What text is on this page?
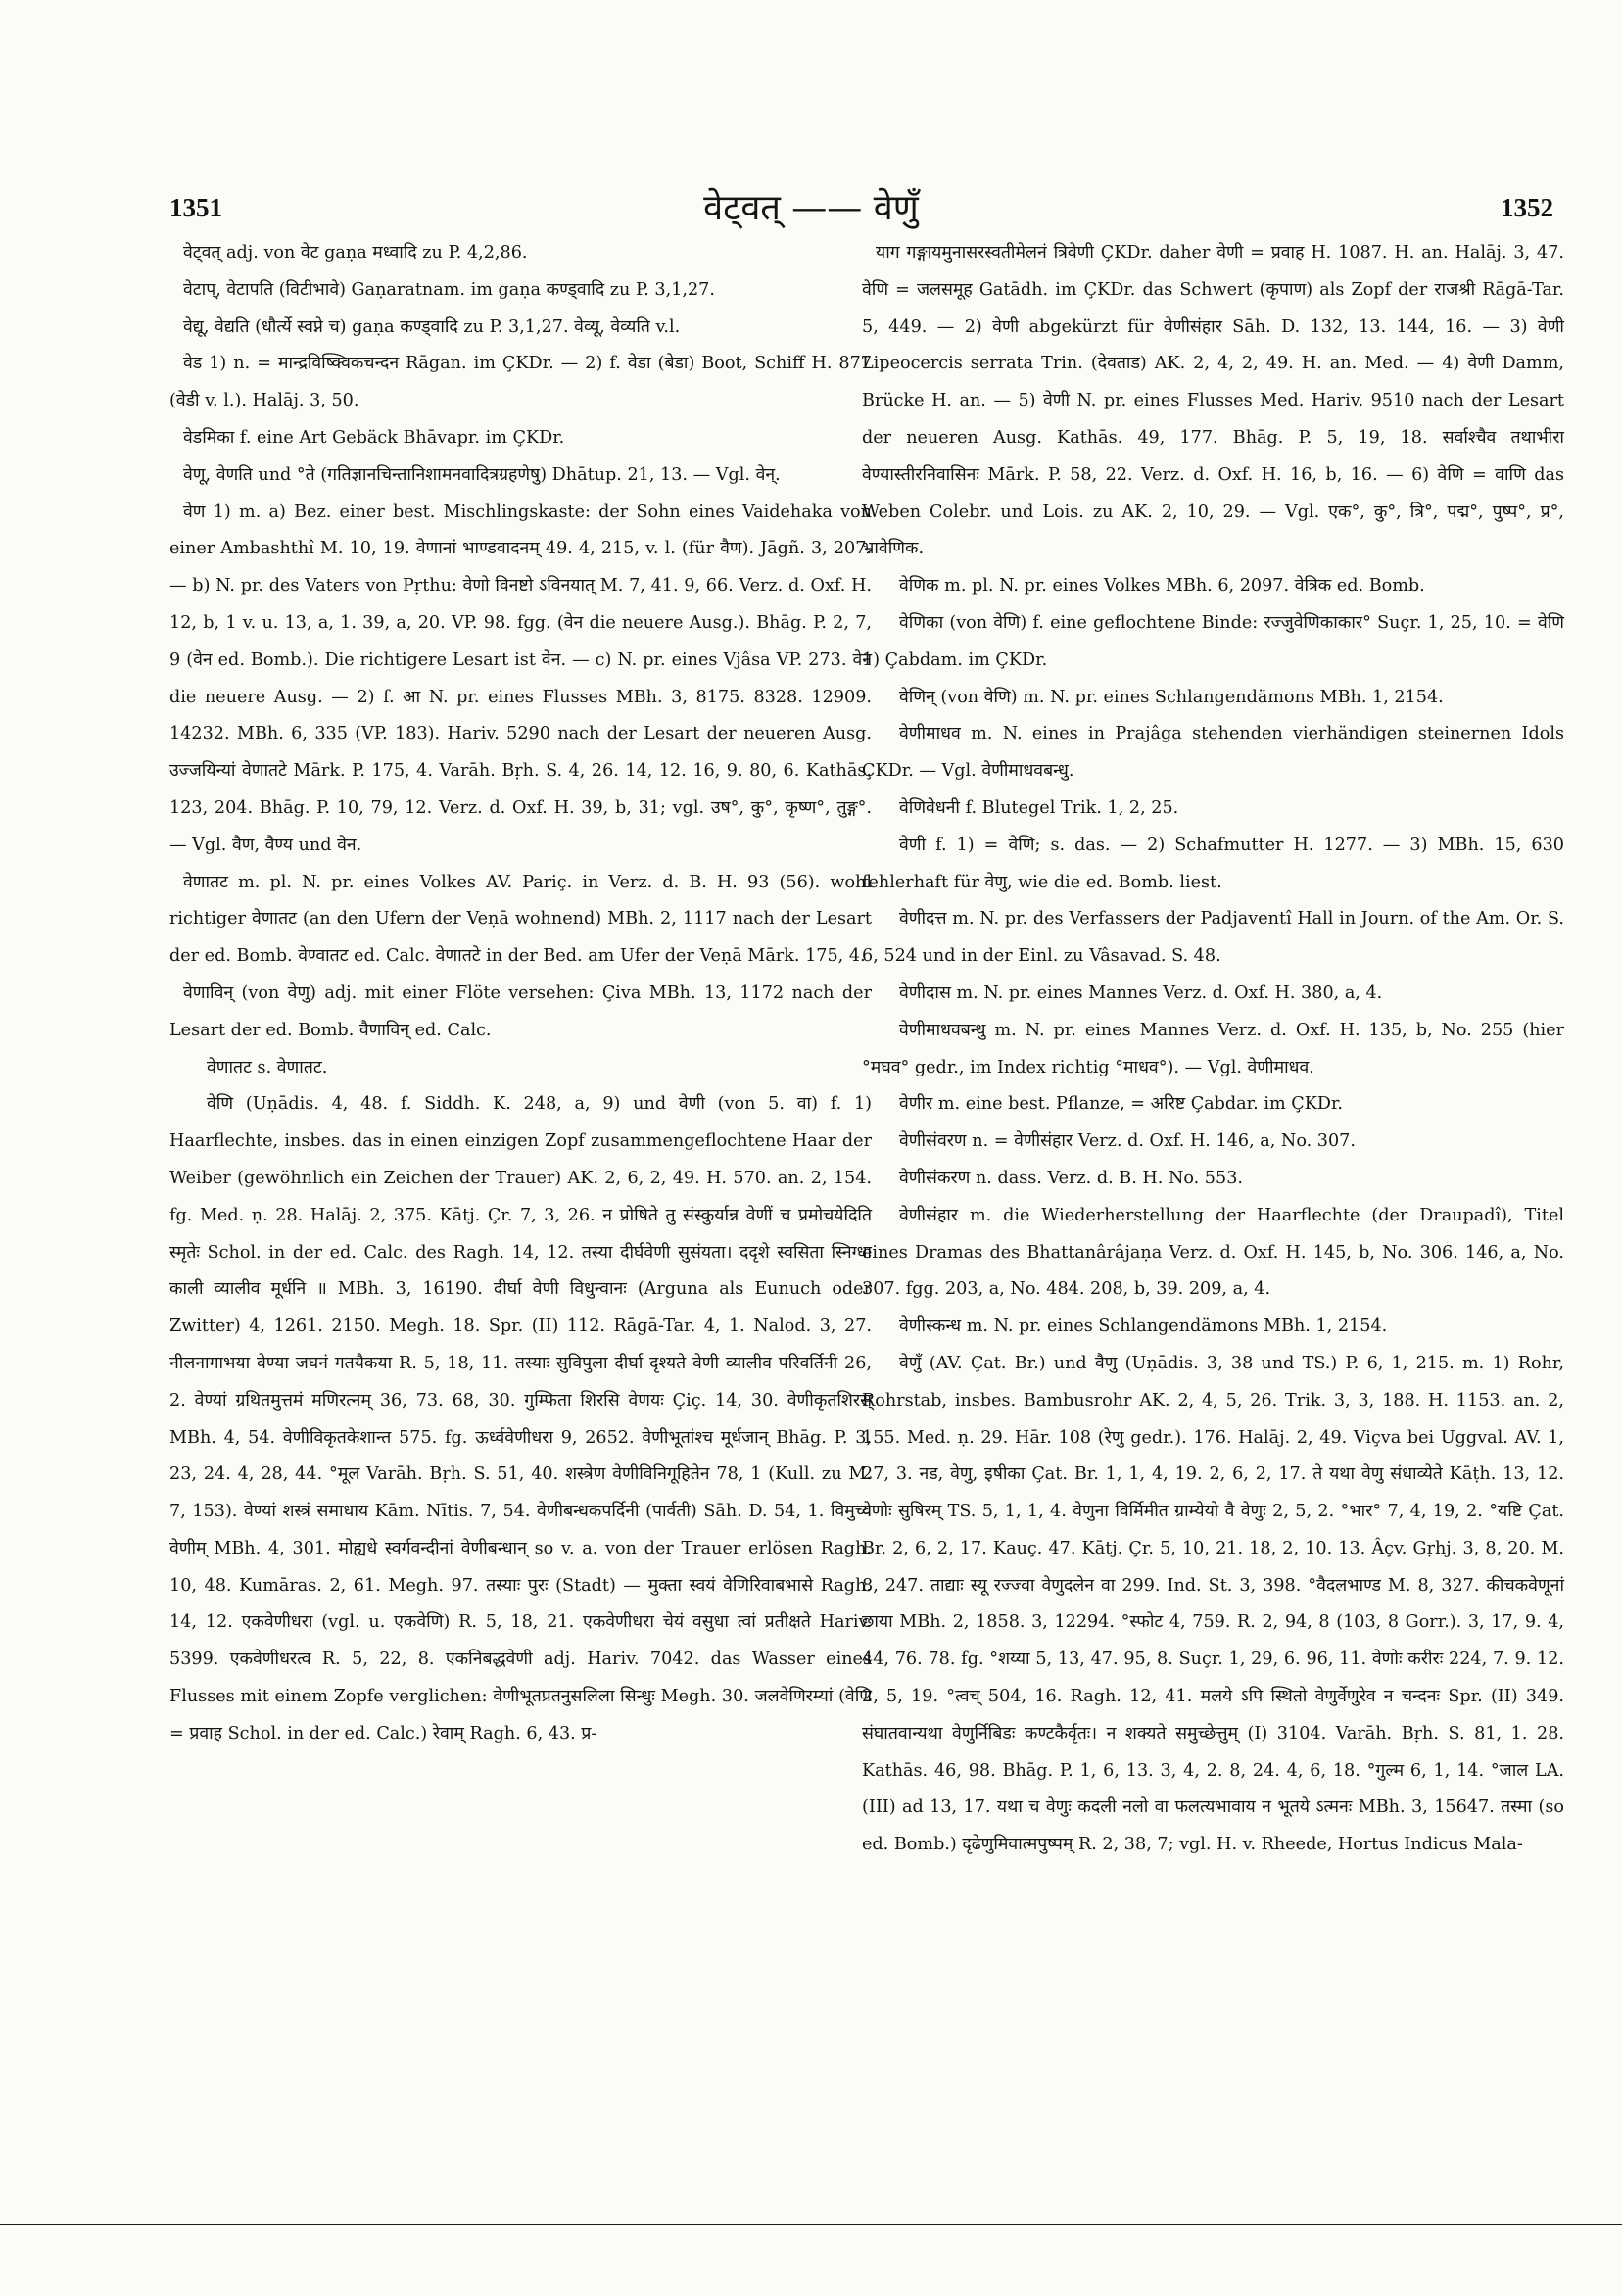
1351	वेट्वत् —— वेणुँ	1352

वेट्वत् adj. von वेट gaṇa मध्वादि zu P. 4,2,86.

वेटाप्, वेटापति (विटीभावे) Gaṇaratnam. im gaṇa कण्ड्वादि zu P. 3,1,27.

वेद्यू, वेद्यति (धौर्त्ये स्वप्ने च) gaṇa कण्ड्वादि zu P. 3,1,27. वेव्यू, वेव्यति v.l.

वेड 1) n. = मान्द्रविष्क्विकचन्दन Rāgan. im ÇKDr. — 2) f. वेडा (बेडा) Boot, Schiff H. 877 (वेडी v. l.). Halāj. 3, 50.

वेडमिका f. eine Art Gebäck Bhāvapr. im ÇKDr.

वेणू, वेणति und °ते (गतिज्ञानचिन्तानिशामनवादित्रग्रहणेषु) Dhātup. 21, 13. — Vgl. वेन्.

वेण 1) m. a) Bez. einer best. Mischlingskaste: der Sohn eines Vaidehaka von einer Ambashthî M. 10, 19. वेणानां भाण्डवादनम् 49. 4, 215, v. l. (für वैण). Jāgñ. 3, 207. — b) N. pr. des Vaters von Pṛthu: वेणो विनष्टो ऽविनयात् M. 7, 41. 9, 66. Verz. d. Oxf. H. 12, b, 1 v. u. 13, a, 1. 39, a, 20. VP. 98. fgg. (वेन die neuere Ausg.). Bhāg. P. 2, 7, 9 (वेन ed. Bomb.). Die richtigere Lesart ist वेन. — c) N. pr. eines Vjâsa VP. 273. वेन die neuere Ausg. — 2) f. आ N. pr. eines Flusses MBh. 3, 8175. 8328. 12909. 14232. MBh. 6, 335 (VP. 183). Hariv. 5290 nach der Lesart der neueren Ausg. उज्जयिन्यां वेणातटे Mārk. P. 175, 4. Varāh. Bṛh. S. 4, 26. 14, 12. 16, 9. 80, 6. Kathās. 123, 204. Bhāg. P. 10, 79, 12. Verz. d. Oxf. H. 39, b, 31; vgl. उष°, कु°, कृष्ण°, तुङ्ग°. — Vgl. वैण, वैण्य und वेन.

वेणातट m. pl. N. pr. eines Volkes AV. Pariç. in Verz. d. B. H. 93 (56). wohl richtiger वेणातट (an den Ufern der Veṇā wohnend) MBh. 2, 1117 nach der Lesart der ed. Bomb. वेण्वातट ed. Calc. वेणातटे in der Bed. am Ufer der Veṇā Mārk. 175, 4.

वेणाविन् (von वेणु) adj. mit einer Flöte versehen: Çiva MBh. 13, 1172 nach der Lesart der ed. Bomb. वैणाविन् ed. Calc.

वेणातट s. वेणातट.

वेणि (Uṇādis. 4, 48. f. Siddh. K. 248, a, 9) und वेणी (von 5. वा) f. 1) Haarflechte, insbes. das in einen einzigen Zopf zusammengeflochtene Haar der Weiber (gewöhnlich ein Zeichen der Trauer) AK. 2, 6, 2, 49. H. 570. an. 2, 154. fg. Med. ṇ. 28. Halāj. 2, 375. Kātj. Çr. 7, 3, 26. न प्रोषिते तु संस्कुर्यान्न वेणीं च प्रमोचयेदिति स्मृतेः Schol. in der ed. Calc. des Ragh. 14, 12. तस्या दीर्घवेणी सुसंयता। ददृशे स्वसिता स्निग्धा काली व्यालीव मूर्धनि ॥ MBh. 3, 16190. दीर्घा वेणी विधुन्वानः (Arguna als Eunuch oder Zwitter) 4, 1261. 2150. Megh. 18. Spr. (II) 112. Rāgā-Tar. 4, 1. Nalod. 3, 27. नीलनागाभया वेण्या जघनं गतयैकया R. 5, 18, 11. तस्याः सुविपुला दीर्घा दृश्यते वेणी व्यालीव परिवर्तिनी 26, 2. वेण्यां ग्रथितमुत्तमं मणिरत्नम् 36, 73. 68, 30. गुम्फिता शिरसि वेणयः Çiç. 14, 30. वेणीकृतशिरस् MBh. 4, 54. वेणीविकृतकेशान्त 575. fg. ऊर्ध्ववेणीधरा 9, 2652. वेणीभूतांश्च मूर्धजान् Bhāg. P. 3, 23, 24. 4, 28, 44. °मूल Varāh. Bṛh. S. 51, 40. शस्त्रेण वेणीविनिगूहितेन 78, 1 (Kull. zu M. 7, 153). वेण्यां शस्त्रं समाधाय Kām. Nītis. 7, 54. वेणीबन्धकपर्दिनी (पार्वती) Sāh. D. 54, 1. विमुच्य वेणीम् MBh. 4, 301. मोह्यधे स्वर्गवन्दीनां वेणीबन्धान् so v. a. von der Trauer erlösen Ragh. 10, 48. Kumāras. 2, 61. Megh. 97. तस्याः पुरः (Stadt) — मुक्ता स्वयं वेणिरिवाबभासे Ragh. 14, 12. एकवेणीधरा (vgl. u. एकवेणि) R. 5, 18, 21. एकवेणीधरा चेयं वसुधा त्वां प्रतीक्षते Hariv. 5399. एकवेणीधरत्व R. 5, 22, 8. एकनिबद्धवेणी adj. Hariv. 7042. das Wasser eines Flusses mit einem Zopfe verglichen: वेणीभूतप्रतनुसलिला सिन्धुः Megh. 30. जलवेणिरम्यां (वेणि = प्रवाह Schol. in der ed. Calc.) रेवाम् Ragh. 6, 43. प्र-

याग गङ्गायमुनासरस्वतीमेलनं त्रिवेणी ÇKDr. daher वेणी = प्रवाह H. 1087. H. an. Halāj. 3, 47. वेणि = जलसमूह Gatādh. im ÇKDr. das Schwert (कृपाण) als Zopf der राजश्री Rāgā-Tar. 5, 449. — 2) वेणी abgekürzt für वेणीसंहार Sāh. D. 132, 13. 144, 16. — 3) वेणी Lipeocercis serrata Trin. (देवताड) AK. 2, 4, 2, 49. H. an. Med. — 4) वेणी Damm, Brücke H. an. — 5) वेणी N. pr. eines Flusses Med. Hariv. 9510 nach der Lesart der neueren Ausg. Kathās. 49, 177. Bhāg. P. 5, 19, 18. सर्वाश्चैव तथाभीरा वेण्यास्तीरनिवासिनः Mārk. P. 58, 22. Verz. d. Oxf. H. 16, b, 16. — 6) वेणि = वाणि das Weben Colebr. und Lois. zu AK. 2, 10, 29. — Vgl. एक°, कु°, त्रि°, पद्म°, पुष्प°, प्र°, भ्रावेणिक.

वेणिक m. pl. N. pr. eines Volkes MBh. 6, 2097. वेत्रिक ed. Bomb.

वेणिका (von वेणि) f. eine geflochtene Binde: रज्जुवेणिकाकार° Suçr. 1, 25, 10. = वेणि 1) Çabdam. im ÇKDr.

वेणिन् (von वेणि) m. N. pr. eines Schlangendämons MBh. 1, 2154.

वेणीमाधव m. N. eines in Prajâga stehenden vierhändigen steinernen Idols ÇKDr. — Vgl. वेणीमाधवबन्धु.

वेणिवेधनी f. Blutegel Trik. 1, 2, 25.

वेणी f. 1) = वेणि; s. das. — 2) Schafmutter H. 1277. — 3) MBh. 15, 630 fehlerhaft für वेणु, wie die ed. Bomb. liest.

वेणीदत्त m. N. pr. des Verfassers der Padjaventî Hall in Journ. of the Am. Or. S. 6, 524 und in der Einl. zu Vâsavad. S. 48.

वेणीदास m. N. pr. eines Mannes Verz. d. Oxf. H. 380, a, 4.

वेणीमाधवबन्धु m. N. pr. eines Mannes Verz. d. Oxf. H. 135, b, No. 255 (hier °मघव° gedr., im Index richtig °माधव°). — Vgl. वेणीमाधव.

वेणीर m. eine best. Pflanze, = अरिष्ट Çabdar. im ÇKDr.

वेणीसंवरण n. = वेणीसंहार Verz. d. Oxf. H. 146, a, No. 307.

वेणीसंकरण n. dass. Verz. d. B. H. No. 553.

वेणीसंहार m. die Wiederherstellung der Haarflechte (der Draupadî), Titel eines Dramas des Bhattanârâjaṇa Verz. d. Oxf. H. 145, b, No. 306. 146, a, No. 307. fgg. 203, a, No. 484. 208, b, 39. 209, a, 4.

वेणीस्कन्ध m. N. pr. eines Schlangendämons MBh. 1, 2154.

वेणुँ (AV. Çat. Br.) und वैणु (Uṇādis. 3, 38 und TS.) P. 6, 1, 215. m. 1) Rohr, Rohrstab, insbes. Bambusrohr AK. 2, 4, 5, 26. Trik. 3, 3, 188. H. 1153. an. 2, 155. Med. ṇ. 29. Hār. 108 (रेणु gedr.). 176. Halāj. 2, 49. Viçva bei Uggval. AV. 1, 27, 3. नड, वेणु, इषीका Çat. Br. 1, 1, 4, 19. 2, 6, 2, 17. ते यथा वेणु संधाव्येते Kāṭh. 13, 12. वेणोः सुषिरम् TS. 5, 1, 1, 4. वेणुना विर्मिमीत ग्राम्येयो वै वेणुः 2, 5, 2. °भार° 7, 4, 19, 2. °यष्टि Çat. Br. 2, 6, 2, 17. Kauç. 47. Kātj. Çr. 5, 10, 21. 18, 2, 10. 13. Âçv. Gṛhj. 3, 8, 20. M. 8, 247. ताद्याः स्यू रज्ज्वा वेणुदलेन वा 299. Ind. St. 3, 398. °वैदलभाण्ड M. 8, 327. कीचकवेणूनां छाया MBh. 2, 1858. 3, 12294. °स्फोट 4, 759. R. 2, 94, 8 (103, 8 Gorr.). 3, 17, 9. 4, 44, 76. 78. fg. °शय्या 5, 13, 47. 95, 8. Suçr. 1, 29, 6. 96, 11. वेणोः करीरः 224, 7. 9. 12. 2, 5, 19. °त्वच् 504, 16. Ragh. 12, 41. मलये ऽपि स्थितो वेणुर्वेणुरेव न चन्दनः Spr. (II) 349. संघातवान्यथा वेणुर्निबिडः कण्टकैर्वृतः। न शक्यते समुच्छेत्तुम् (I) 3104. Varāh. Bṛh. S. 81, 1. 28. Kathās. 46, 98. Bhāg. P. 1, 6, 13. 3, 4, 2. 8, 24. 4, 6, 18. °गुल्म 6, 1, 14. °जाल LA. (III) ad 13, 17. यथा च वेणुः कदली नलो वा फलत्यभावाय न भूतये ऽत्मनः MBh. 3, 15647. तस्मा (so ed. Bomb.) दृढेणुमिवात्मपुष्पम् R. 2, 38, 7; vgl. H. v. Rheede, Hortus Indicus Mala-
